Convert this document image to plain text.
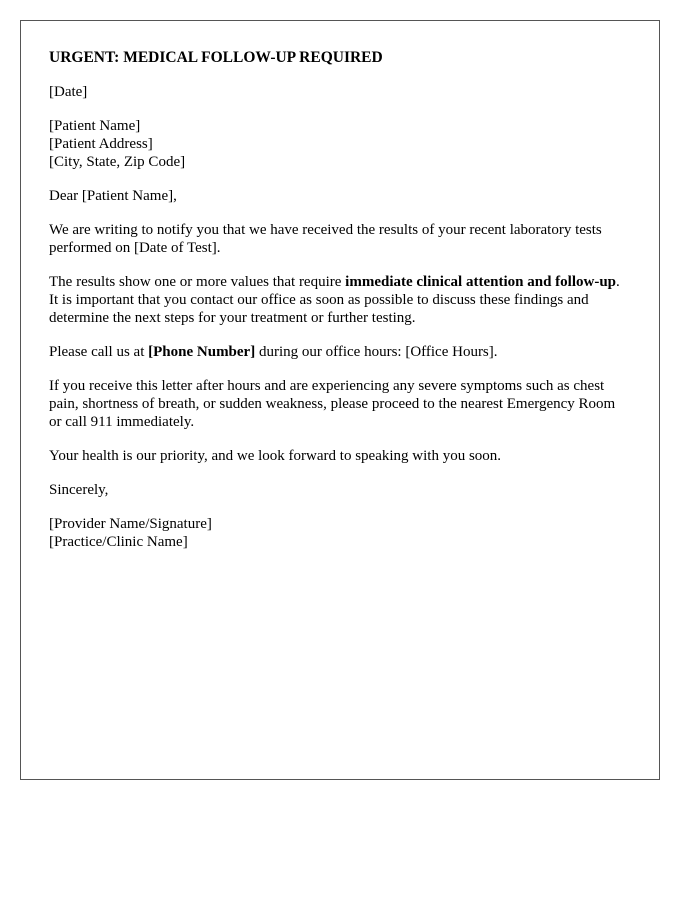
URGENT: MEDICAL FOLLOW-UP REQUIRED
[Date]
[Patient Name]
[Patient Address]
[City, State, Zip Code]
Dear [Patient Name],
We are writing to notify you that we have received the results of your recent laboratory tests performed on [Date of Test].
The results show one or more values that require immediate clinical attention and follow-up. It is important that you contact our office as soon as possible to discuss these findings and determine the next steps for your treatment or further testing.
Please call us at [Phone Number] during our office hours: [Office Hours].
If you receive this letter after hours and are experiencing any severe symptoms such as chest pain, shortness of breath, or sudden weakness, please proceed to the nearest Emergency Room or call 911 immediately.
Your health is our priority, and we look forward to speaking with you soon.
Sincerely,
[Provider Name/Signature]
[Practice/Clinic Name]
